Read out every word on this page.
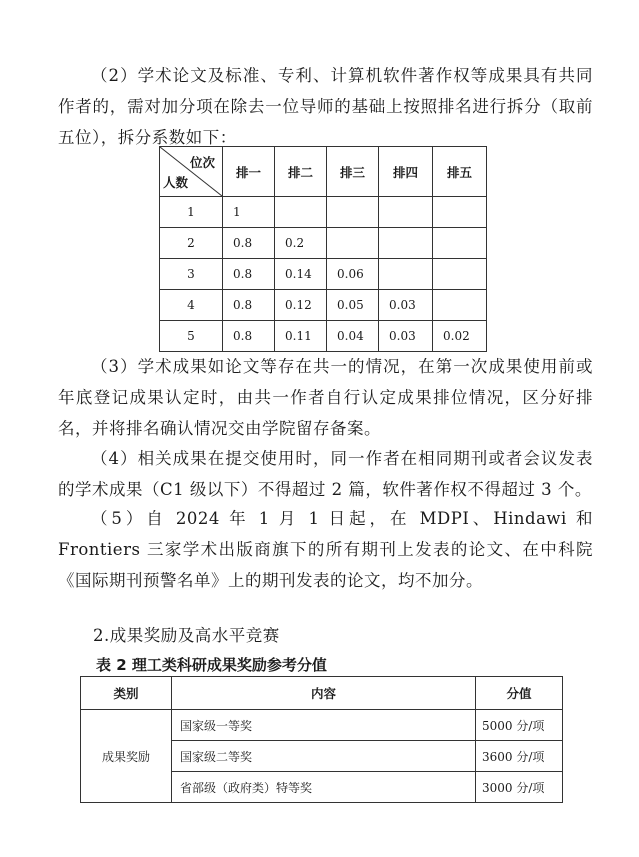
（2）学术论文及标准、专利、计算机软件著作权等成果具有共同作者的，需对加分项在除去一位导师的基础上按照排名进行拆分（取前五位），拆分系数如下：

位次
人数	排一	排二	排三	排四	排五
1	1				
2	0.8	0.2			
3	0.8	0.14	0.06		
4	0.8	0.12	0.05	0.03	
5	0.8	0.11	0.04	0.03	0.02

（3）学术成果如论文等存在共一的情况，在第一次成果使用前或年底登记成果认定时，由共一作者自行认定成果排位情况，区分好排名，并将排名确认情况交由学院留存备案。

（4）相关成果在提交使用时，同一作者在相同期刊或者会议发表的学术成果（C1 级以下）不得超过 2 篇，软件著作权不得超过 3 个。

（5）自 2024 年 1 月 1 日起，在 MDPI、Hindawi 和 Frontiers 三家学术出版商旗下的所有期刊上发表的论文、在中科院《国际期刊预警名单》上的期刊发表的论文，均不加分。

2.成果奖励及高水平竞赛

表 2 理工类科研成果奖励参考分值

类别	内容	分值
成果奖励	国家级一等奖	5000 分/项
	国家级二等奖	3600 分/项
	省部级（政府类）特等奖	3000 分/项
